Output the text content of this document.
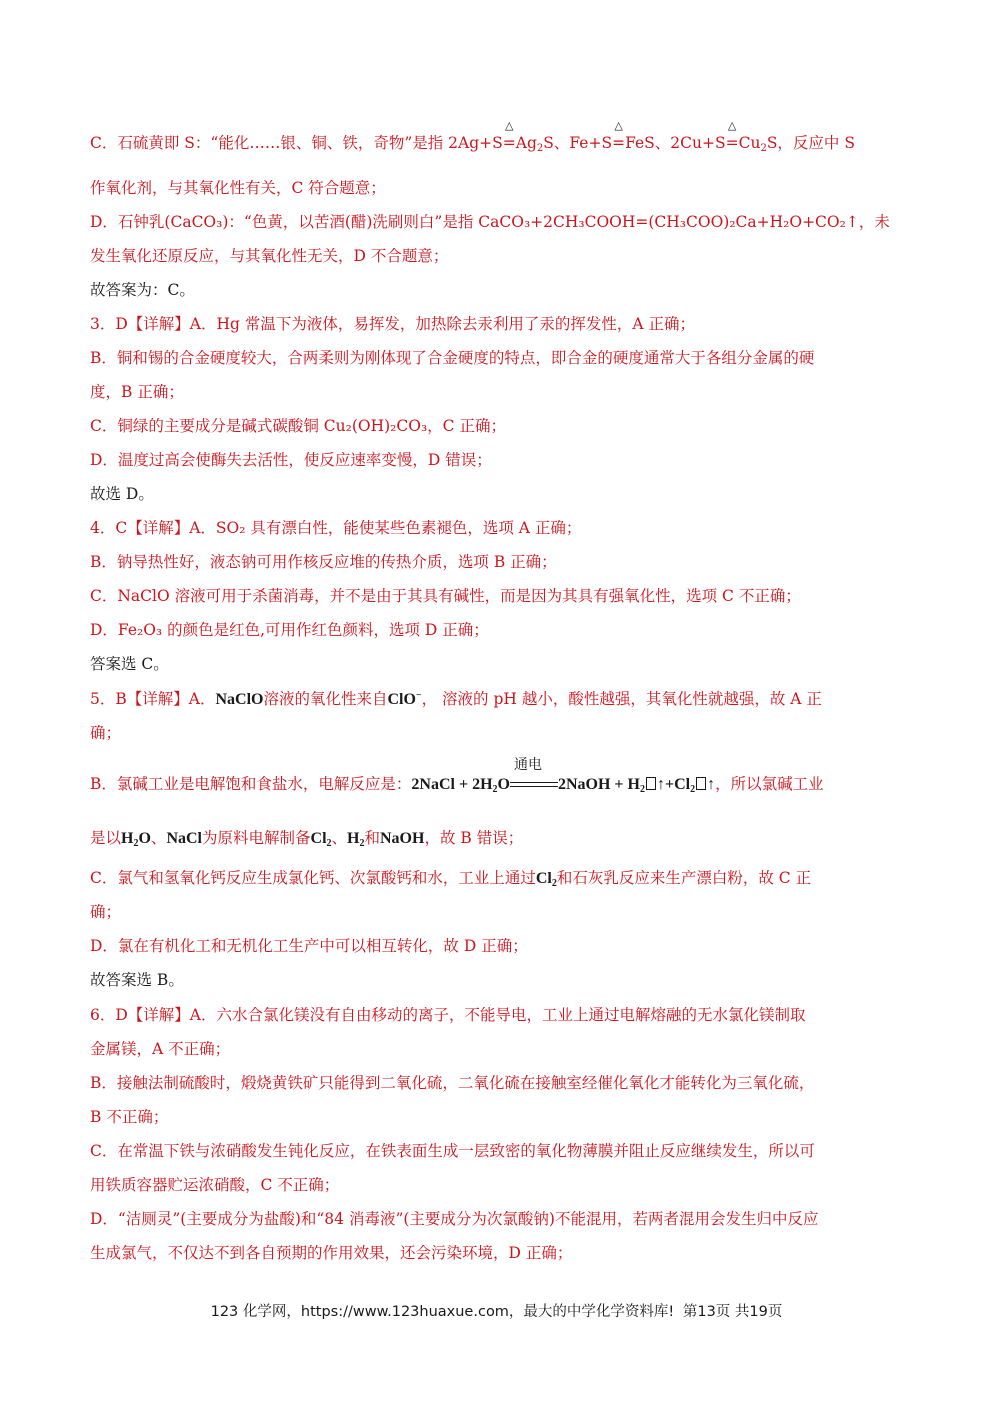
C．石硫黄即 S：“能化……银、铜、铁，奇物”是指 2Ag+S
△
$=Ag_2S$、Fe+S
△
=FeS、2Cu+S
△
$=Cu_2S$，反应中 S
作氧化剂，与其氧化性有关，C 符合题意；
D．石钟乳(CaCO₃)：“色黄，以苦酒(醋)洗刷则白”是指 CaCO₃+2CH₃COOH=(CH₃COO)₂Ca+H₂O+CO₂↑，未
发生氧化还原反应，与其氧化性无关，D 不合题意；
故答案为：C。
3．D【详解】A．Hg 常温下为液体，易挥发，加热除去汞利用了汞的挥发性，A 正确；
B．铜和锡的合金硬度较大，合两柔则为刚体现了合金硬度的特点，即合金的硬度通常大于各组分金属的硬
度，B 正确；
C．铜绿的主要成分是碱式碳酸铜 Cu₂(OH)₂CO₃，C 正确；
D．温度过高会使酶失去活性，使反应速率变慢，D 错误；
故选 D。
4．C【详解】A．SO₂ 具有漂白性，能使某些色素褪色，选项 A 正确；
B．钠导热性好，液态钠可用作核反应堆的传热介质，选项 B 正确；
C．NaClO 溶液可用于杀菌消毒，并不是由于其具有碱性，而是因为其具有强氧化性，选项 C 不正确；
D．Fe₂O₃ 的颜色是红色,可用作红色颜料，选项 D 正确；
答案选 C。
5．B【详解】A．NaClO溶液的氧化性来自ClO−， 溶液的 pH 越小，酸性越强，其氧化性就越强，故 A 正
确；
B．氯碱工业是电解饱和食盐水，电解反应是：2NaCl + $2H_2O$
通电
2NaOH + $H_2$ $↑+Cl_2$ ↑，所以氯碱工业
是以$H_2O$、NaCl为原料电解制备$Cl_2$、$H_2$和NaOH，故 B 错误；
C．氯气和氢氧化钙反应生成氯化钙、次氯酸钙和水，工业上通过$Cl_2$和石灰乳反应来生产漂白粉，故 C 正
确；
D．氯在有机化工和无机化工生产中可以相互转化，故 D 正确；
故答案选 B。
6．D【详解】A．六水合氯化镁没有自由移动的离子，不能导电，工业上通过电解熔融的无水氯化镁制取
金属镁，A 不正确；
B．接触法制硫酸时，煅烧黄铁矿只能得到二氧化硫，二氧化硫在接触室经催化氧化才能转化为三氧化硫，
B 不正确；
C．在常温下铁与浓硝酸发生钝化反应，在铁表面生成一层致密的氧化物薄膜并阻止反应继续发生，所以可
用铁质容器贮运浓硝酸，C 不正确；
D．“洁厕灵”(主要成分为盐酸)和“84 消毒液”(主要成分为次氯酸钠)不能混用，若两者混用会发生归中反应
生成氯气，不仅达不到各自预期的作用效果，还会污染环境，D 正确；
123 化学网，https://www.123huaxue.com，最大的中学化学资料库! 第13页 共19页
